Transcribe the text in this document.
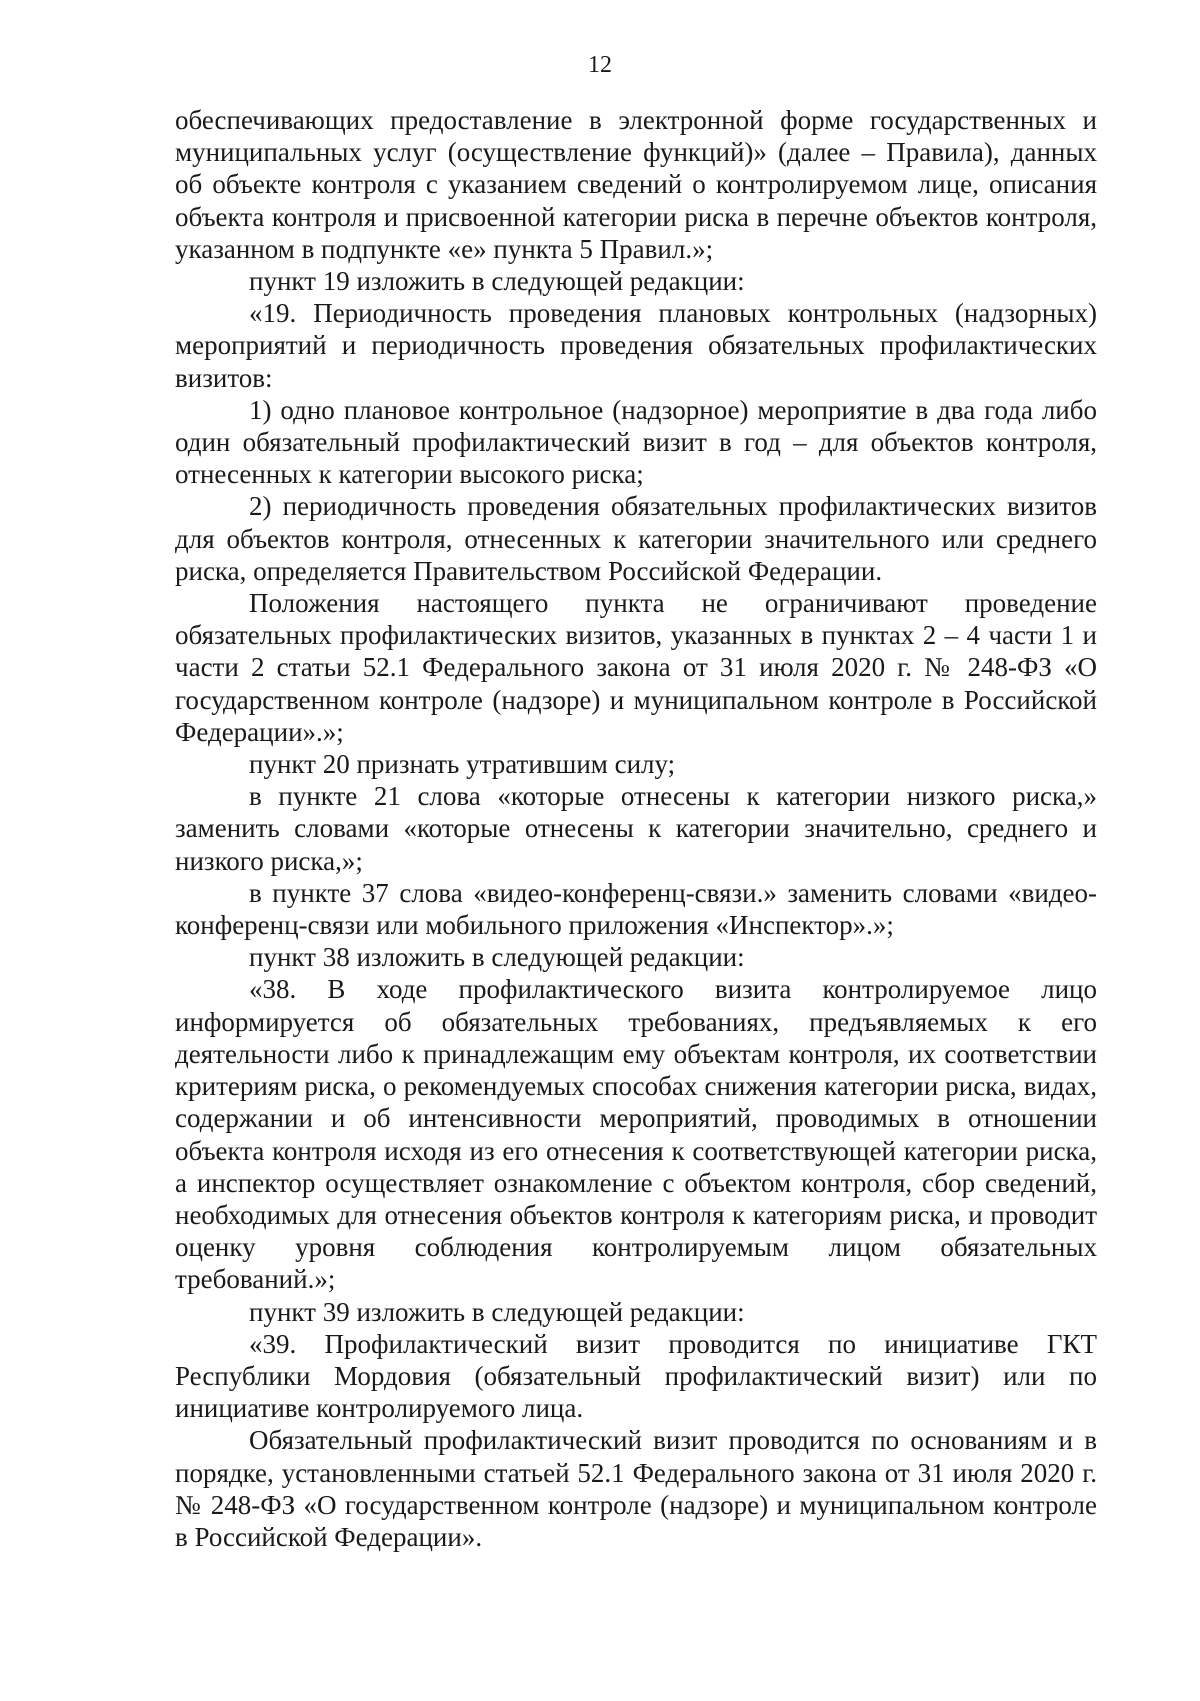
12

обеспечивающих предоставление в электронной форме государственных и муниципальных услуг (осуществление функций)» (далее – Правила), данных об объекте контроля с указанием сведений о контролируемом лице, описания объекта контроля и присвоенной категории риска в перечне объектов контроля, указанном в подпункте «е» пункта 5 Правил.»;

пункт 19 изложить в следующей редакции:

«19. Периодичность проведения плановых контрольных (надзорных) мероприятий и периодичность проведения обязательных профилактических визитов:

1) одно плановое контрольное (надзорное) мероприятие в два года либо один обязательный профилактический визит в год – для объектов контроля, отнесенных к категории высокого риска;

2) периодичность проведения обязательных профилактических визитов для объектов контроля, отнесенных к категории значительного или среднего риска, определяется Правительством Российской Федерации.

Положения настоящего пункта не ограничивают проведение обязательных профилактических визитов, указанных в пунктах 2 – 4 части 1 и части 2 статьи 52.1 Федерального закона от 31 июля 2020 г. № 248-ФЗ «О государственном контроле (надзоре) и муниципальном контроле в Российской Федерации».»;

пункт 20 признать утратившим силу;

в пункте 21 слова «которые отнесены к категории низкого риска,» заменить словами «которые отнесены к категории значительно, среднего и низкого риска,»;

в пункте 37 слова «видео-конференц-связи.» заменить словами «видео-конференц-связи или мобильного приложения «Инспектор».»;

пункт 38 изложить в следующей редакции:

«38. В ходе профилактического визита контролируемое лицо информируется об обязательных требованиях, предъявляемых к его деятельности либо к принадлежащим ему объектам контроля, их соответствии критериям риска, о рекомендуемых способах снижения категории риска, видах, содержании и об интенсивности мероприятий, проводимых в отношении объекта контроля исходя из его отнесения к соответствующей категории риска, а инспектор осуществляет ознакомление с объектом контроля, сбор сведений, необходимых для отнесения объектов контроля к категориям риска, и проводит оценку уровня соблюдения контролируемым лицом обязательных требований.»;

пункт 39 изложить в следующей редакции:

«39. Профилактический визит проводится по инициативе ГКТ Республики Мордовия (обязательный профилактический визит) или по инициативе контролируемого лица.

Обязательный профилактический визит проводится по основаниям и в порядке, установленными статьей 52.1 Федерального закона от 31 июля 2020 г. № 248-ФЗ «О государственном контроле (надзоре) и муниципальном контроле в Российской Федерации».
